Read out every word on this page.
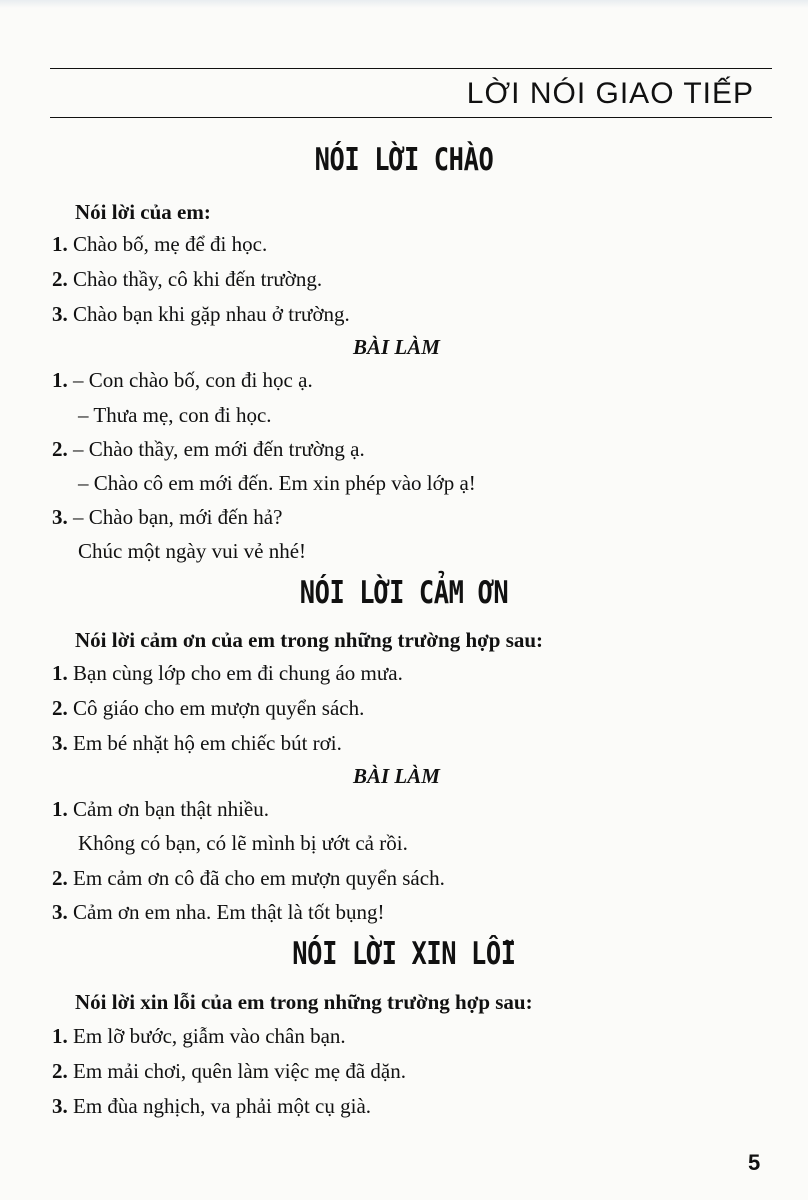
LỜI NÓI GIAO TIẾP
NÓI LỜI CHÀO
Nói lời của em:
1. Chào bố, mẹ để đi học.
2. Chào thầy, cô khi đến trường.
3. Chào bạn khi gặp nhau ở trường.
BÀI LÀM
1. – Con chào bố, con đi học ạ.
– Thưa mẹ, con đi học.
2. – Chào thầy, em mới đến trường ạ.
– Chào cô em mới đến. Em xin phép vào lớp ạ!
3. – Chào bạn, mới đến hả?
Chúc một ngày vui vẻ nhé!
NÓI LỜI CẢM ƠN
Nói lời cảm ơn của em trong những trường hợp sau:
1. Bạn cùng lớp cho em đi chung áo mưa.
2. Cô giáo cho em mượn quyển sách.
3. Em bé nhặt hộ em chiếc bút rơi.
BÀI LÀM
1. Cảm ơn bạn thật nhiều.
Không có bạn, có lẽ mình bị ướt cả rồi.
2. Em cảm ơn cô đã cho em mượn quyển sách.
3. Cảm ơn em nha. Em thật là tốt bụng!
NÓI LỜI XIN LỖI
Nói lời xin lỗi của em trong những trường hợp sau:
1. Em lỡ bước, giẫm vào chân bạn.
2. Em mải chơi, quên làm việc mẹ đã dặn.
3. Em đùa nghịch, va phải một cụ già.
5
